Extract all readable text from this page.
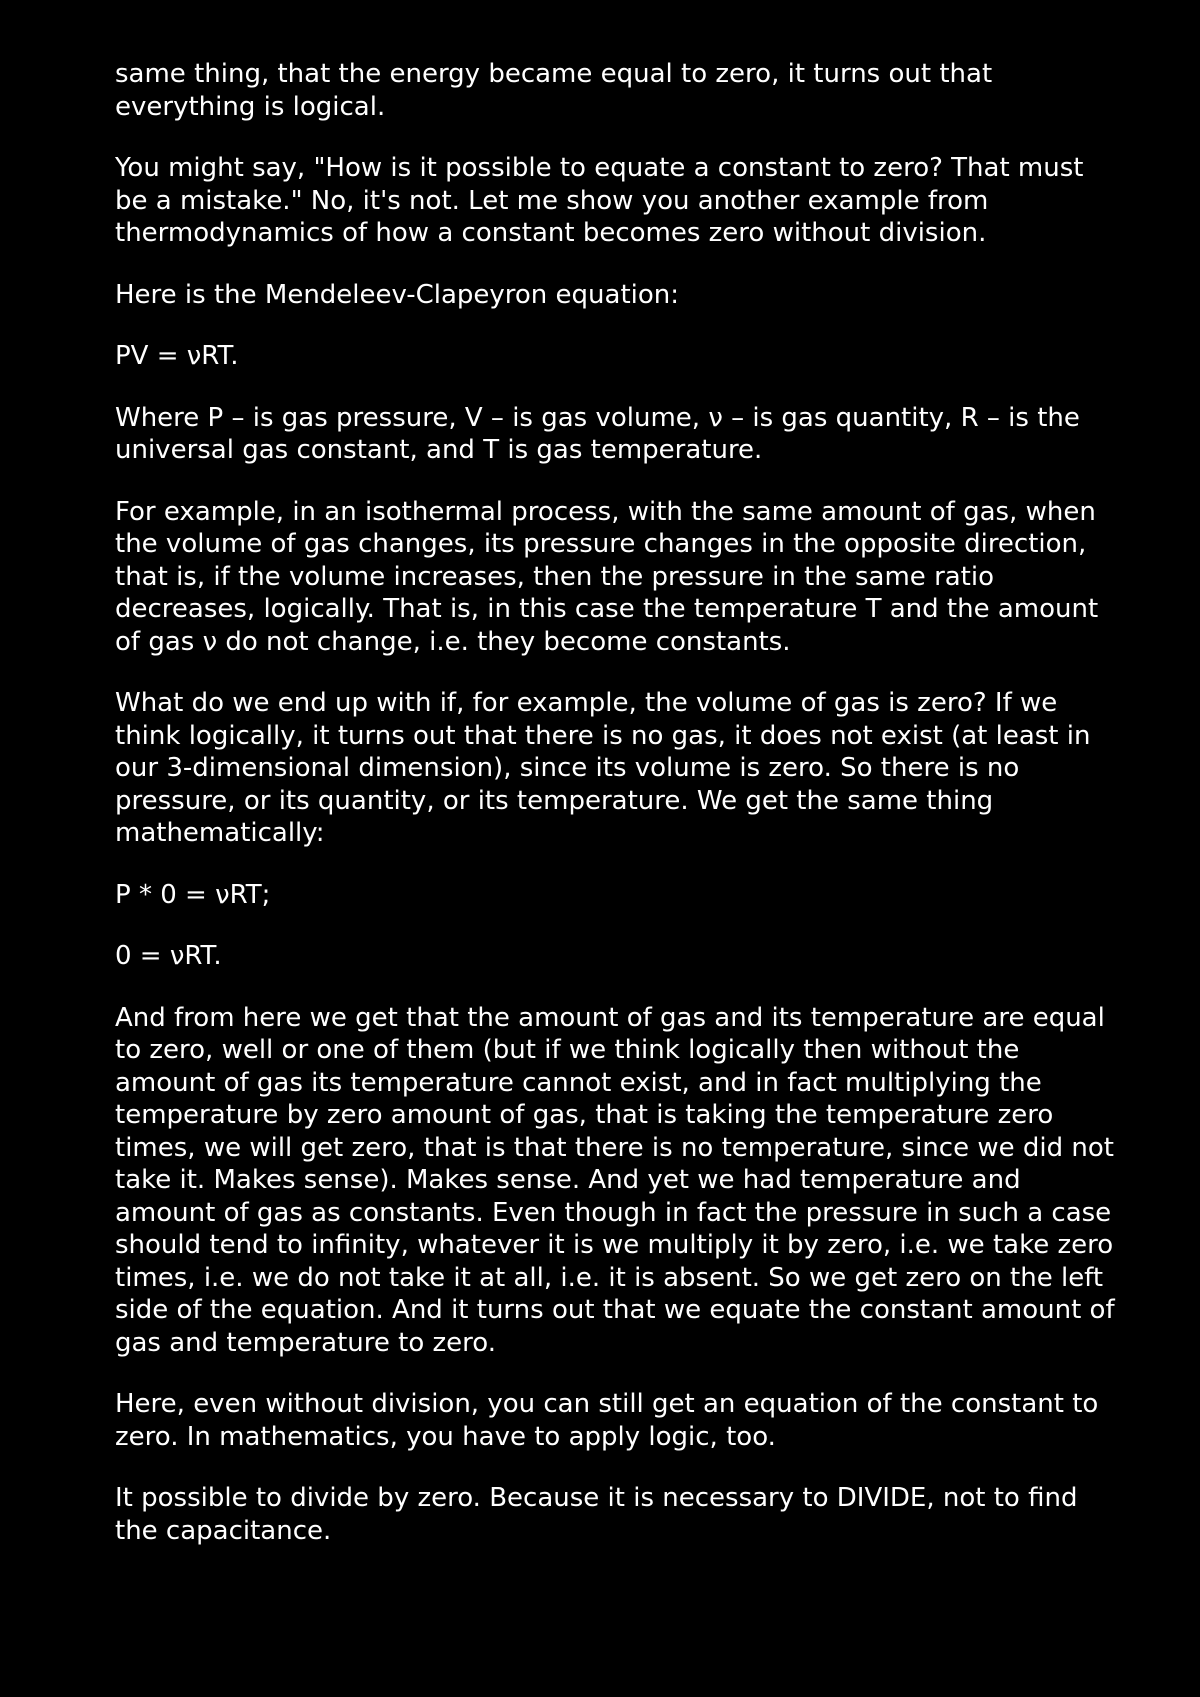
same thing, that the energy became equal to zero, it turns out that everything is logical.

You might say, "How is it possible to equate a constant to zero? That must be a mistake." No, it's not. Let me show you another example from thermodynamics of how a constant becomes zero without division.

Here is the Mendeleev-Clapeyron equation:

PV = νRT.

Where P – is gas pressure, V – is gas volume, ν – is gas quantity, R – is the universal gas constant, and T is gas temperature.

For example, in an isothermal process, with the same amount of gas, when the volume of gas changes, its pressure changes in the opposite direction, that is, if the volume increases, then the pressure in the same ratio decreases, logically. That is, in this case the temperature T and the amount of gas ν do not change, i.e. they become constants.

What do we end up with if, for example, the volume of gas is zero? If we think logically, it turns out that there is no gas, it does not exist (at least in our 3-dimensional dimension), since its volume is zero. So there is no pressure, or its quantity, or its temperature. We get the same thing mathematically:

P * 0 = νRT;

0 = νRT.

And from here we get that the amount of gas and its temperature are equal to zero, well or one of them (but if we think logically then without the amount of gas its temperature cannot exist, and in fact multiplying the temperature by zero amount of gas, that is taking the temperature zero times, we will get zero, that is that there is no temperature, since we did not take it. Makes sense). Makes sense. And yet we had temperature and amount of gas as constants. Even though in fact the pressure in such a case should tend to infinity, whatever it is we multiply it by zero, i.e. we take zero times, i.e. we do not take it at all, i.e. it is absent. So we get zero on the left side of the equation. And it turns out that we equate the constant amount of gas and temperature to zero.

Here, even without division, you can still get an equation of the constant to zero. In mathematics, you have to apply logic, too.

It possible to divide by zero. Because it is necessary to DIVIDE, not to find the capacitance.
